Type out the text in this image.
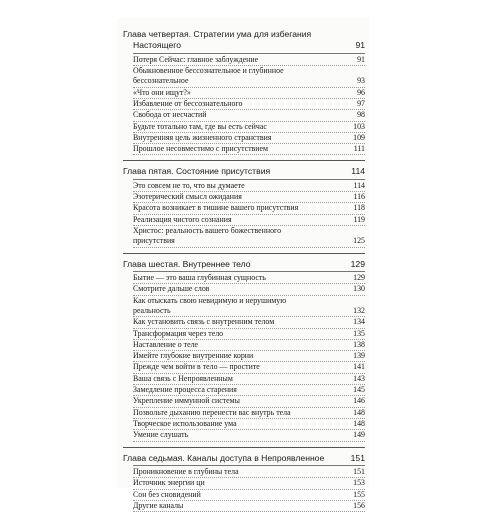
Глава четвертая. Стратегии ума для избегания
Настоящего	91
Потеря Сейчас: главное заблуждение	91
Обыкновенное бессознательное и глубинное
бессознательное	93
«Что они ищут?»	96
Избавление от бессознательного	97
Свобода от несчастий	98
Будьте тотально там, где вы есть сейчас	103
Внутренняя цель жизненного странствия	109
Прошлое несовместимо с присутствием	111
Глава пятая. Состояние присутствия	114
Это совсем не то, что вы думаете	114
Эзотерический смысл ожидания	116
Красота возникает в тишине вашего присутствия	118
Реализация чистого сознания	119
Христос: реальность вашего божественного
присутствия	125
Глава шестая. Внутреннее тело	129
Бытие — это ваша глубинная сущность	129
Смотрите дальше слов	130
Как отыскать свою невидимую и нерушимую
реальность	132
Как установить связь с внутренним телом	134
Трансформация через тело	135
Наставление о теле	138
Имейте глубокие внутренние корни	139
Прежде чем войти в тело — простите	141
Ваша связь с Непроявленным	143
Замедление процесса старения	145
Укрепление иммунной системы	146
Позвольте дыханию перенести вас внутрь тела	148
Творческое использование ума	148
Умение слушать	149
Глава седьмая. Каналы доступа в Непроявленное	151
Проникновение в глубины тела	151
Источник энергии ци	153
Сон без сновидений	155
Другие каналы	156
